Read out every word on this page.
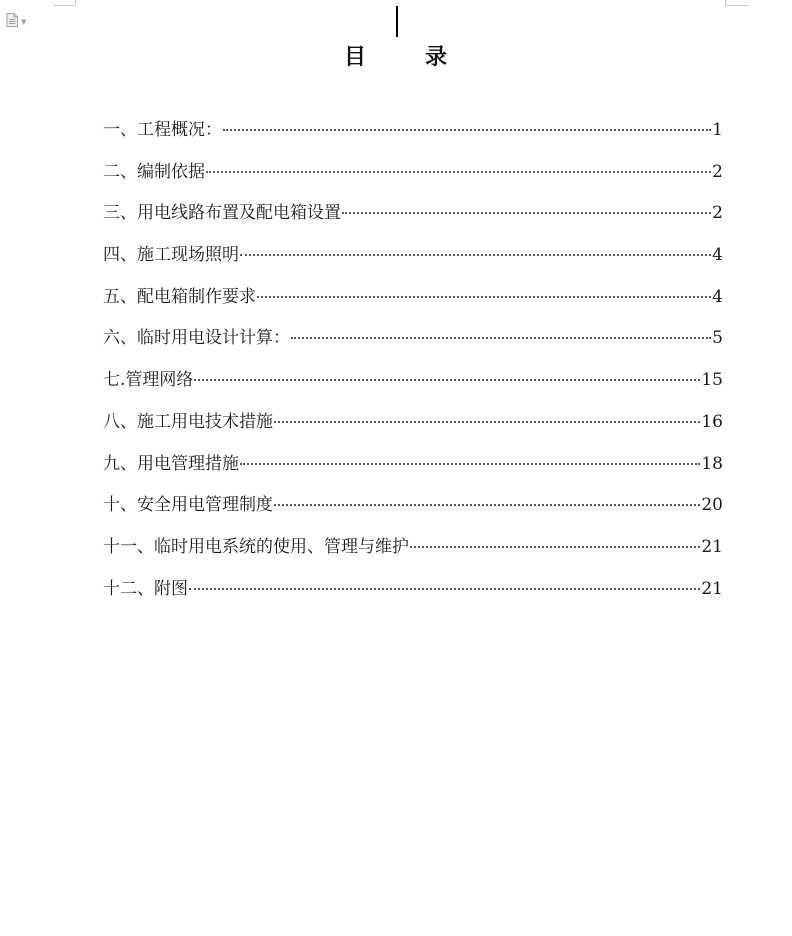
▼
目	录
一、工程概况：	1
二、编制依据	2
三、用电线路布置及配电箱设置	2
四、施工现场照明	4
五、配电箱制作要求	4
六、临时用电设计计算：	5
七.管理网络	15
八、施工用电技术措施	16
九、用电管理措施	18
十、安全用电管理制度	20
十一、临时用电系统的使用、管理与维护	21
十二、附图	21
